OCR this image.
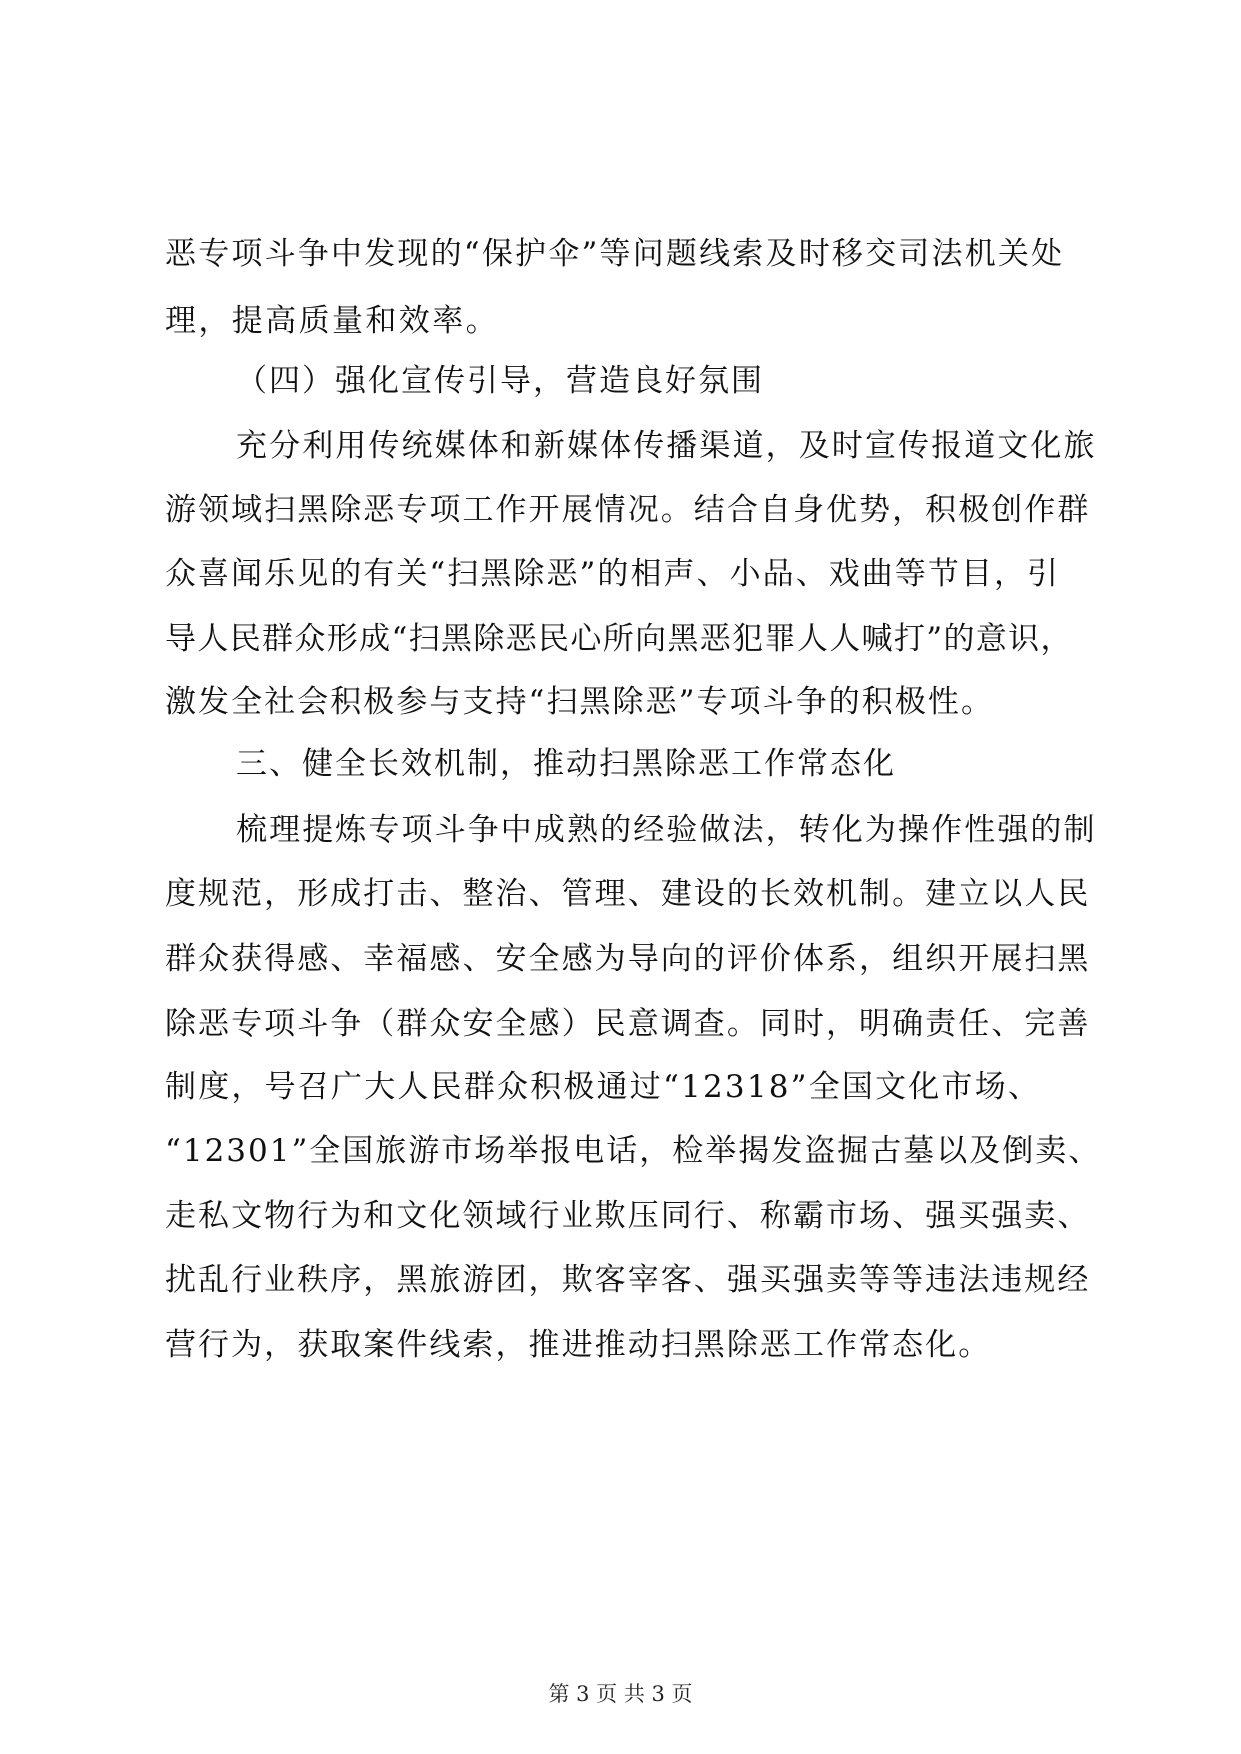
恶专项斗争中发现的“保护伞”等问题线索及时移交司法机关处
理，提高质量和效率。
（四）强化宣传引导，营造良好氛围
充分利用传统媒体和新媒体传播渠道，及时宣传报道文化旅
游领域扫黑除恶专项工作开展情况。结合自身优势，积极创作群
众喜闻乐见的有关“扫黑除恶”的相声、小品、戏曲等节目，引
导人民群众形成“扫黑除恶民心所向黑恶犯罪人人喊打”的意识，
激发全社会积极参与支持“扫黑除恶”专项斗争的积极性。
三、健全长效机制，推动扫黑除恶工作常态化
梳理提炼专项斗争中成熟的经验做法，转化为操作性强的制
度规范，形成打击、整治、管理、建设的长效机制。建立以人民
群众获得感、幸福感、安全感为导向的评价体系，组织开展扫黑
除恶专项斗争（群众安全感）民意调查。同时，明确责任、完善
制度，号召广大人民群众积极通过“12318”全国文化市场、
“12301”全国旅游市场举报电话，检举揭发盗掘古墓以及倒卖、
走私文物行为和文化领域行业欺压同行、称霸市场、强买强卖、
扰乱行业秩序，黑旅游团，欺客宰客、强买强卖等等违法违规经
营行为，获取案件线索，推进推动扫黑除恶工作常态化。
第 3 页 共 3 页
